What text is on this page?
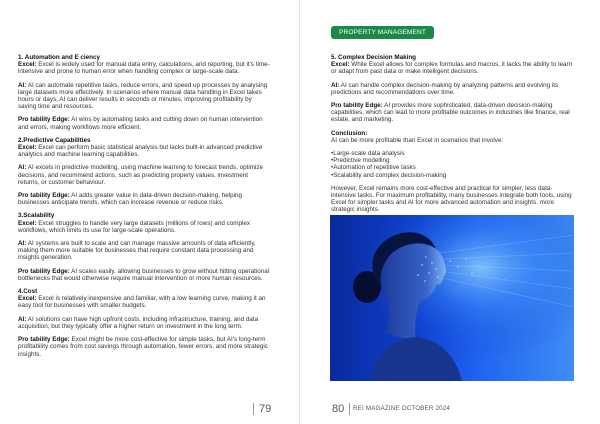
1. Automation and E ciency

Excel: Excel is widely used for manual data entry, calculations, and reporting, but it's time-intensive and prone to human error when handling complex or large-scale data.

AI: AI can automate repetitive tasks, reduce errors, and speed up processes by analysing large datasets more effectively. In scenarios where manual data handling in Excel takes hours or days, AI can deliver results in seconds or minutes, improving profitability by saving time and resources.

Pro tability Edge: AI wins by automating tasks and cutting down on human intervention and errors, making workflows more efficient.

2.Predictive Capabilities

Excel: Excel can perform basic statistical analysis but lacks built-in advanced predictive analytics and machine learning capabilities.

AI: AI excels in predictive modelling, using machine learning to forecast trends, optimize decisions, and recommend actions, such as predicting property values, investment returns, or customer behaviour.

Pro tability Edge: AI adds greater value in data-driven decision-making, helping businesses anticipate trends, which can increase revenue or reduce risks.

3.Scalability

Excel: Excel struggles to handle very large datasets (millions of rows) and complex workflows, which limits its use for large-scale operations.

AI: AI systems are built to scale and can manage massive amounts of data efficiently, making them more suitable for businesses that require constant data processing and insights generation.

Pro tability Edge: AI scales easily, allowing businesses to grow without hitting operational bottlenecks that would otherwise require manual intervention or more human resources.

4.Cost

Excel: Excel is relatively inexpensive and familiar, with a low learning curve, making it an easy tool for businesses with smaller budgets.

AI: AI solutions can have high upfront costs, including infrastructure, training, and data acquisition, but they typically offer a higher return on investment in the long term.

Pro tability Edge: Excel might be more cost-effective for simple tasks, but AI's long-term profitability comes from cost savings through automation, fewer errors, and more strategic insights.

PROPERTY MANAGEMENT

5. Complex Decision Making

Excel: While Excel allows for complex formulas and macros, it lacks the ability to learn or adapt from past data or make intelligent decisions.

AI: AI can handle complex decision-making by analyzing patterns and evolving its predictions and recommendations over time.

Pro tability Edge: AI provides more sophisticated, data-driven decision-making capabilities, which can lead to more profitable outcomes in industries like finance, real estate, and marketing.

Conclusion:

AI can be more profitable than Excel in scenarios that involve:

•Large-scale data analysis
•Predictive modelling
•Automation of repetitive tasks
•Scalability and complex decision-making

However, Excel remains more cost-effective and practical for simpler, less data-intensive tasks. For maximum profitability, many businesses integrate both tools, using Excel for simpler tasks and AI for more advanced automation and insights. more strategic insights.

79	80	REI MAGAZINE OCTOBER 2024
